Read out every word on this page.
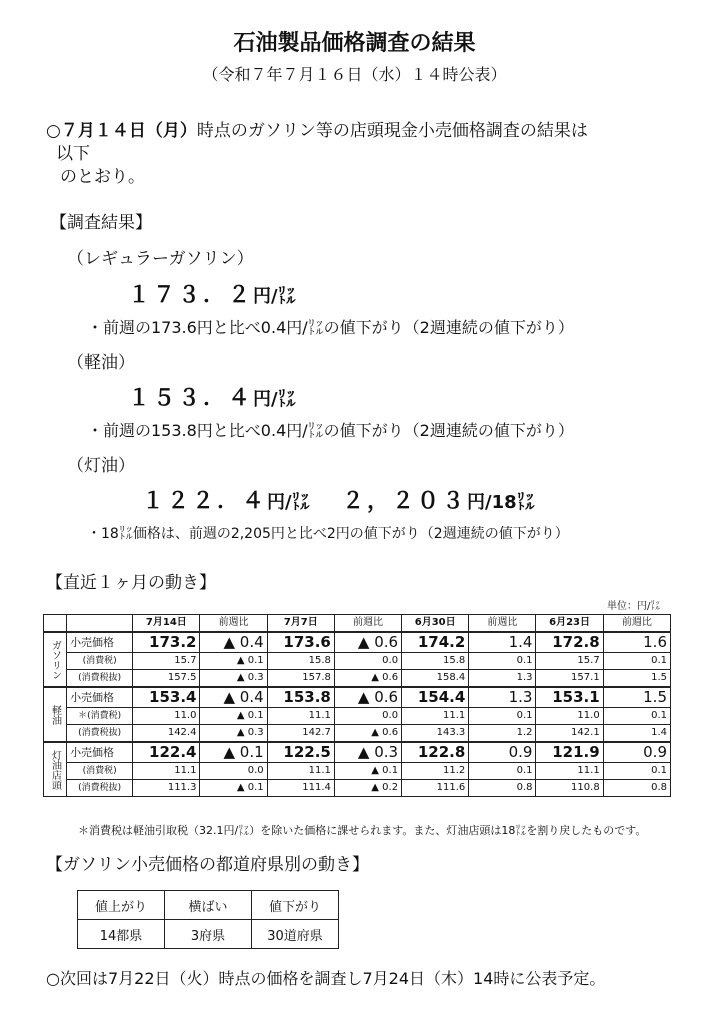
石油製品価格調査の結果
（令和７年７月１６日（水）１４時公表）
○７月１４日（月）時点のガソリン等の店頭現金小売価格調査の結果は
以下
のとおり。
【調査結果】
（レギュラーガソリン）
１７３．２円/㍑
・前週の173.6円と比べ0.4円/㍑の値下がり（2週連続の値下がり）
（軽油）
１５３．４円/㍑
・前週の153.8円と比べ0.4円/㍑の値下がり（2週連続の値下がり）
（灯油）
１２２．４円/㍑ ２，２０３円/18㍑
・18㍑価格は、前週の2,205円と比べ2円の値下がり（2週連続の値下がり）
【直近１ヶ月の動き】
単位：円/㍑
		7月14日	前週比	7月7日	前週比	6月30日	前週比	6月23日	前週比
ガソリン	小売価格	173.2	▲ 0.4	173.6	▲ 0.6	174.2	1.4	172.8	1.6
	(消費税)	15.7	▲ 0.1	15.8	0.0	15.8	0.1	15.7	0.1
	(消費税抜)	157.5	▲ 0.3	157.8	▲ 0.6	158.4	1.3	157.1	1.5
軽油	小売価格	153.4	▲ 0.4	153.8	▲ 0.6	154.4	1.3	153.1	1.5
	＊(消費税)	11.0	▲ 0.1	11.1	0.0	11.1	0.1	11.0	0.1
	(消費税抜)	142.4	▲ 0.3	142.7	▲ 0.6	143.3	1.2	142.1	1.4
灯油店頭	小売価格	122.4	▲ 0.1	122.5	▲ 0.3	122.8	0.9	121.9	0.9
	(消費税)	11.1	0.0	11.1	▲ 0.1	11.2	0.1	11.1	0.1
	(消費税抜)	111.3	▲ 0.1	111.4	▲ 0.2	111.6	0.8	110.8	0.8
＊消費税は軽油引取税（32.1円/㍑）を除いた価格に課せられます。また、灯油店頭は18㍑を割り戻したものです。
【ガソリン小売価格の都道府県別の動き】
値上がり	横ばい	値下がり
14都県	3府県	30道府県
○次回は7月22日（火）時点の価格を調査し7月24日（木）14時に公表予定。
